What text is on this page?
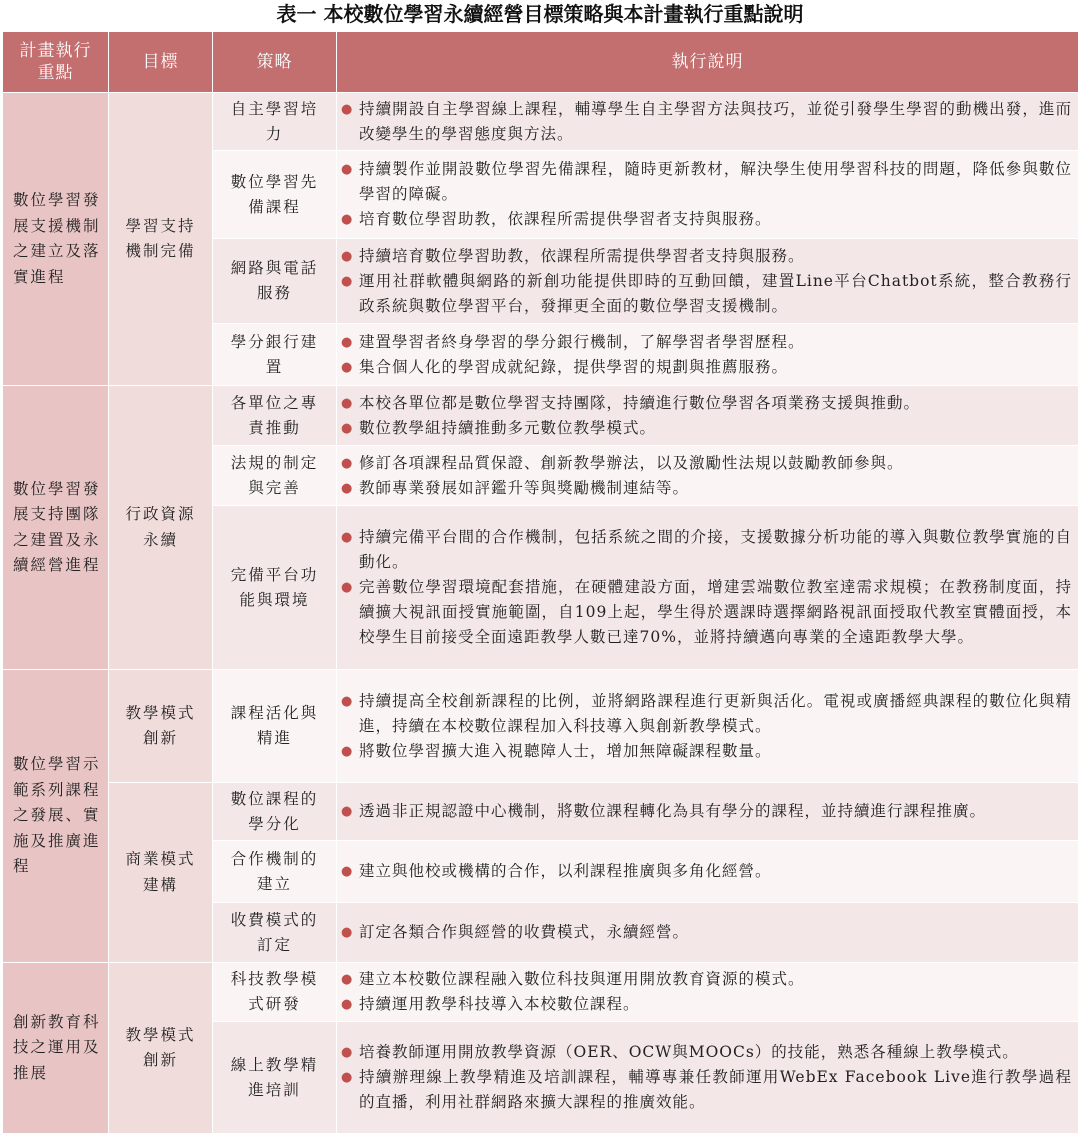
表一 本校數位學習永續經營目標策略與本計畫執行重點說明
計畫執行重點	目標	策略	執行說明
數位學習發展支援機制之建立及落實進程	學習支持機制完備	自主學習培力	● 持續開設自主學習線上課程，輔導學生自主學習方法與技巧，並從引發學生學習的動機出發，進而改變學生的學習態度與方法。

		數位學習先備課程	● 持續製作並開設數位學習先備課程，隨時更新教材，解決學生使用學習科技的問題，降低參與數位學習的障礙。
● 培育數位學習助教，依課程所需提供學習者支持與服務。

		網路與電話服務	● 持續培育數位學習助教，依課程所需提供學習者支持與服務。
● 運用社群軟體與網路的新創功能提供即時的互動回饋，建置Line平台Chatbot系統，整合教務行政系統與數位學習平台，發揮更全面的數位學習支援機制。

		學分銀行建置	● 建置學習者終身學習的學分銀行機制，了解學習者學習歷程。
● 集合個人化的學習成就紀錄，提供學習的規劃與推薦服務。

數位學習發展支持團隊之建置及永續經營進程	行政資源永續	各單位之專責推動	● 本校各單位都是數位學習支持團隊，持續進行數位學習各項業務支援與推動。
● 數位教學組持續推動多元數位教學模式。

		法規的制定與完善	● 修訂各項課程品質保證、創新教學辦法，以及激勵性法規以鼓勵教師參與。
● 教師專業發展如評鑑升等與獎勵機制連結等。

		完備平台功能與環境	● 持續完備平台間的合作機制，包括系統之間的介接，支援數據分析功能的導入與數位教學實施的自動化。
● 完善數位學習環境配套措施，在硬體建設方面，增建雲端數位教室達需求規模；在教務制度面，持續擴大視訊面授實施範圍，自109上起，學生得於選課時選擇網路視訊面授取代教室實體面授，本校學生目前接受全面遠距教學人數已達70%，並將持續邁向專業的全遠距教學大學。

數位學習示範系列課程之發展、實施及推廣進程	教學模式創新	課程活化與精進	● 持續提高全校創新課程的比例，並將網路課程進行更新與活化。電視或廣播經典課程的數位化與精進，持續在本校數位課程加入科技導入與創新教學模式。
● 將數位學習擴大進入視聽障人士，增加無障礙課程數量。

	商業模式建構	數位課程的學分化	● 透過非正規認證中心機制，將數位課程轉化為具有學分的課程，並持續進行課程推廣。

		合作機制的建立	● 建立與他校或機構的合作，以利課程推廣與多角化經營。

		收費模式的訂定	● 訂定各類合作與經營的收費模式，永續經營。

創新教育科技之運用及推展	教學模式創新	科技教學模式研發	● 建立本校數位課程融入數位科技與運用開放教育資源的模式。
● 持續運用教學科技導入本校數位課程。

		線上教學精進培訓	● 培養教師運用開放教學資源（OER、OCW與MOOCs）的技能，熟悉各種線上教學模式。
● 持續辦理線上教學精進及培訓課程，輔導專兼任教師運用WebEx Facebook Live進行教學過程的直播，利用社群網路來擴大課程的推廣效能。
